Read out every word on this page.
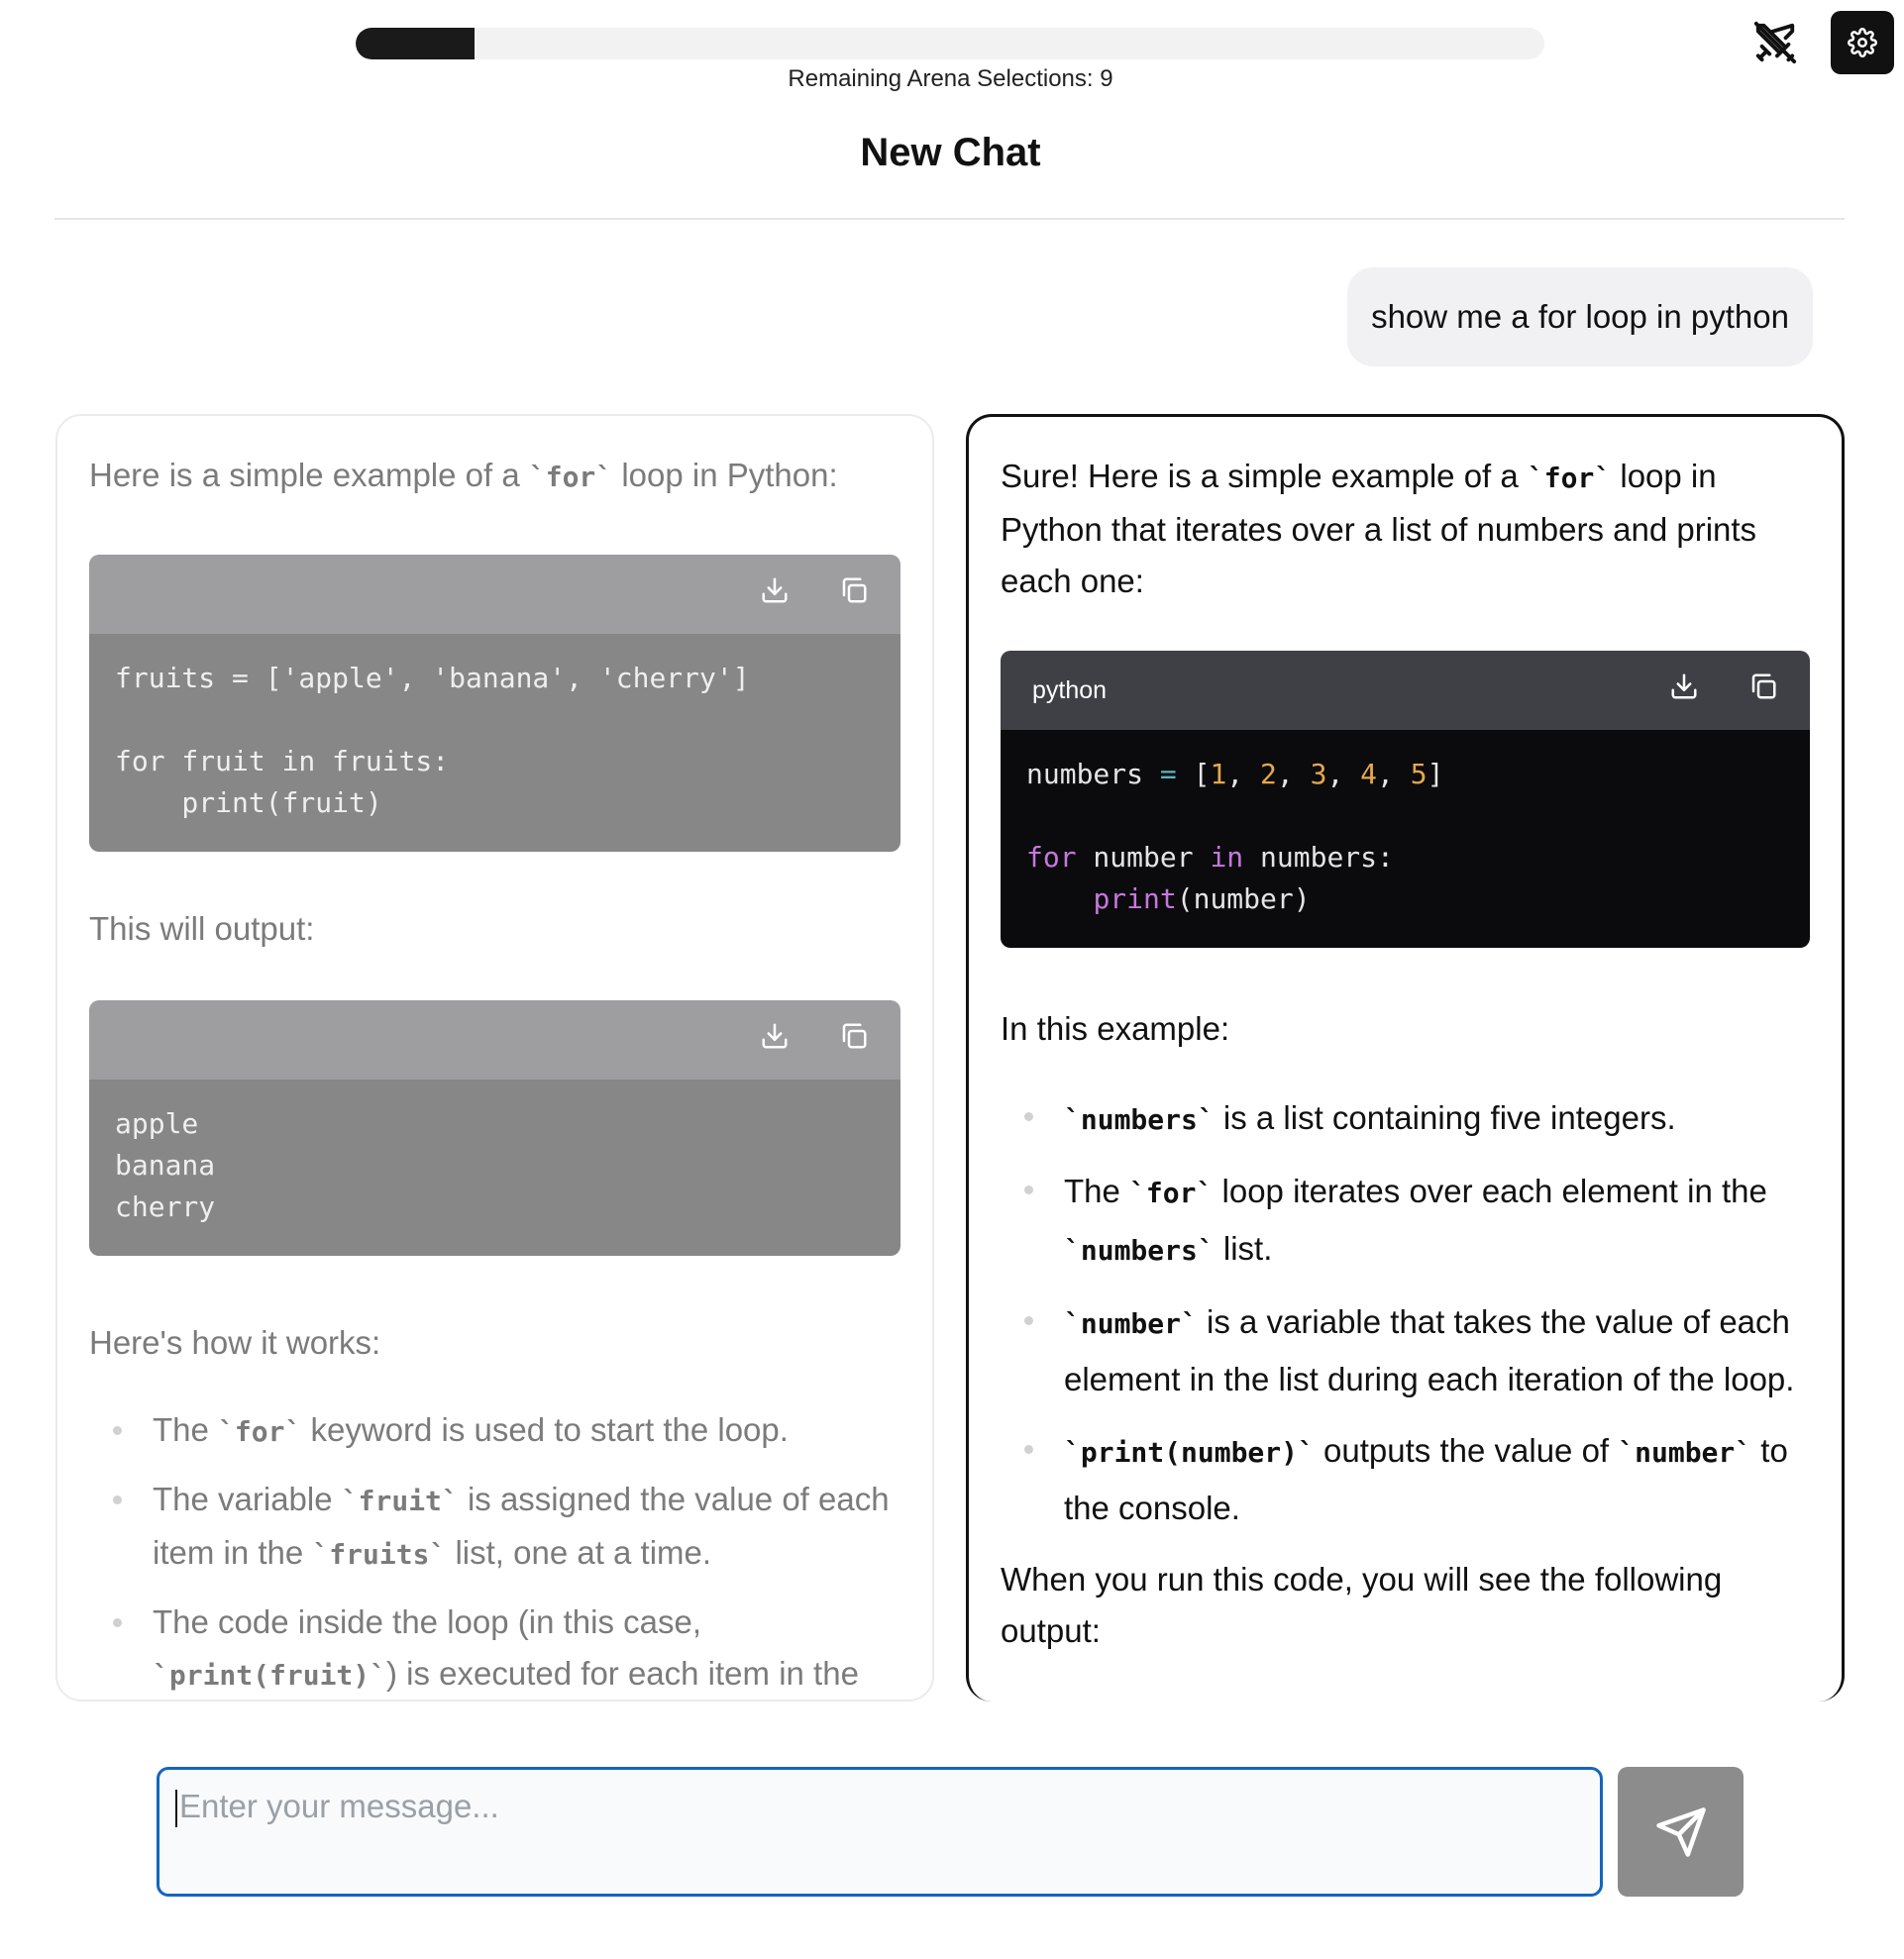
Remaining Arena Selections: 9
New Chat
show me a for loop in python

Here is a simple example of a `for` loop in Python:

fruits = ['apple', 'banana', 'cherry']

for fruit in fruits:
print(fruit)

This will output:

apple
banana
cherry

Here's how it works:

The `for` keyword is used to start the loop.
The variable `fruit` is assigned the value of each item in the `fruits` list, one at a time.
The code inside the loop (in this case, `print(fruit)`) is executed for each item in the

Sure! Here is a simple example of a `for` loop in Python that iterates over a list of numbers and prints each one:

python
numbers = [1, 2, 3, 4, 5]

for number in numbers:
print(number)

In this example:

`numbers` is a list containing five integers.
The `for` loop iterates over each element in the `numbers` list.
`number` is a variable that takes the value of each element in the list during each iteration of the loop.
`print(number)` outputs the value of `number` to the console.

When you run this code, you will see the following output:

Enter your message...
